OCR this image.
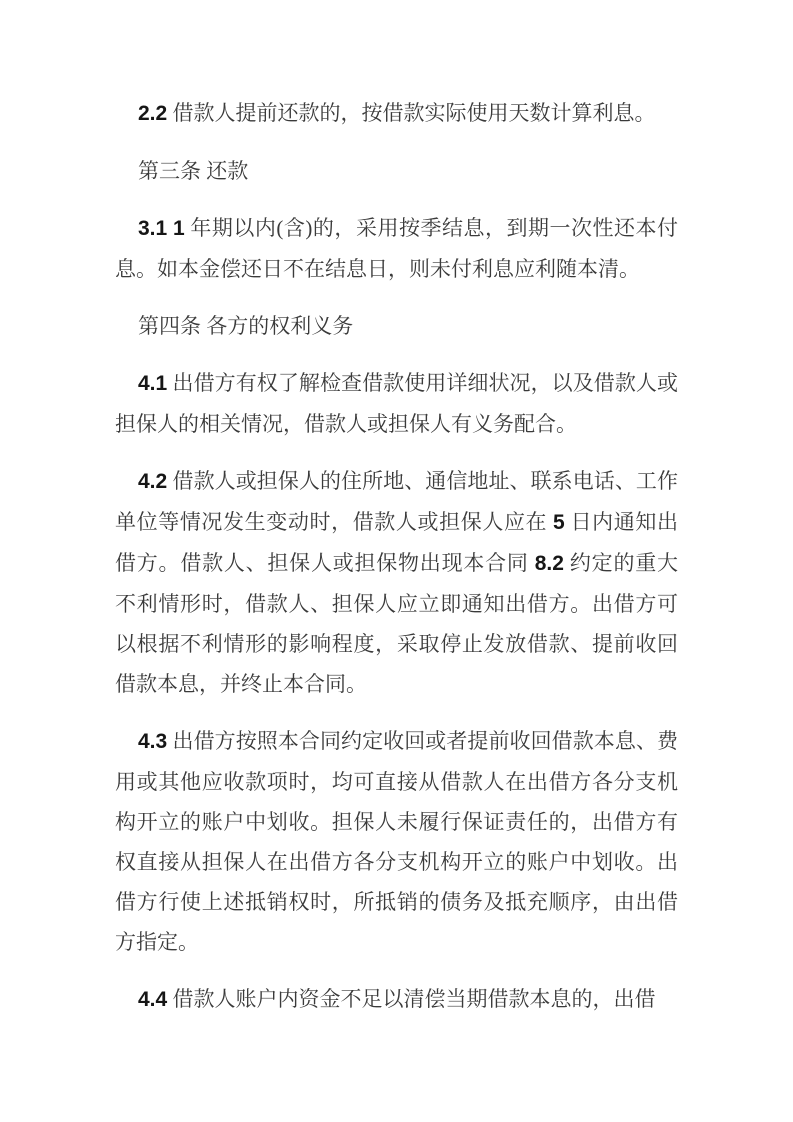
2.2 借款人提前还款的，按借款实际使用天数计算利息。

第三条 还款

3.1 1 年期以内(含)的，采用按季结息，到期一次性还本付息。如本金偿还日不在结息日，则未付利息应利随本清。

第四条 各方的权利义务

4.1 出借方有权了解检查借款使用详细状况，以及借款人或担保人的相关情况，借款人或担保人有义务配合。

4.2 借款人或担保人的住所地、通信地址、联系电话、工作单位等情况发生变动时，借款人或担保人应在 5 日内通知出借方。借款人、担保人或担保物出现本合同 8.2 约定的重大不利情形时，借款人、担保人应立即通知出借方。出借方可以根据不利情形的影响程度，采取停止发放借款、提前收回借款本息，并终止本合同。

4.3 出借方按照本合同约定收回或者提前收回借款本息、费用或其他应收款项时，均可直接从借款人在出借方各分支机构开立的账户中划收。担保人未履行保证责任的，出借方有权直接从担保人在出借方各分支机构开立的账户中划收。出借方行使上述抵销权时，所抵销的债务及抵充顺序，由出借方指定。

4.4 借款人账户内资金不足以清偿当期借款本息的，出借
